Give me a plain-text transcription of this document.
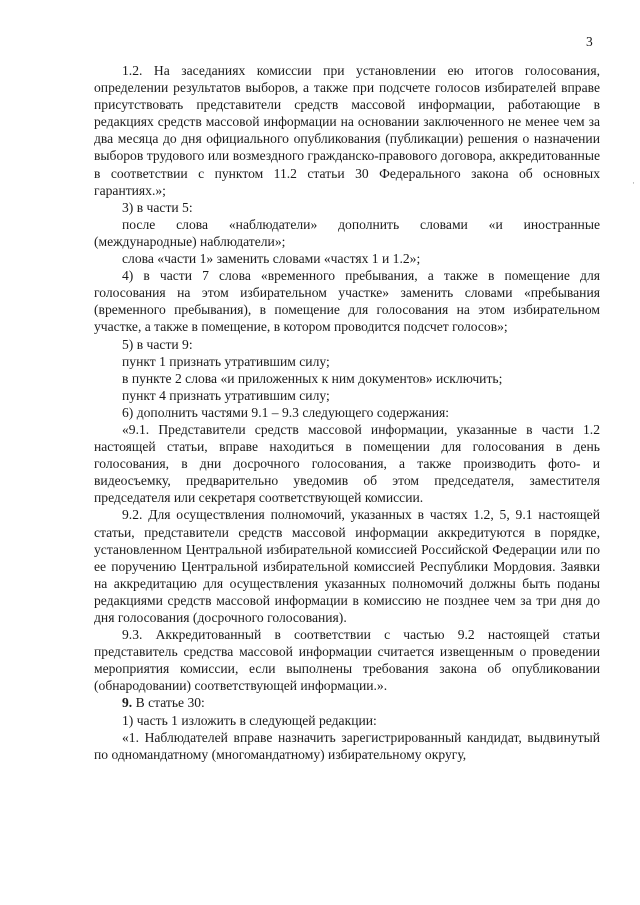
3
·

1.2. На заседаниях комиссии при установлении ею итогов голосования, определении результатов выборов, а также при подсчете голосов избирателей вправе присутствовать представители средств массовой информации, работающие в редакциях средств массовой информации на основании заключенного не менее чем за два месяца до дня официального опубликования (публикации) решения о назначении выборов трудового или возмездного гражданско-правового договора, аккредитованные в соответствии с пунктом 11.2 статьи 30 Федерального закона об основных гарантиях.»;

3) в части 5:

после слова «наблюдатели» дополнить словами «и иностранные (международные) наблюдатели»;

слова «части 1» заменить словами «частях 1 и 1.2»;

4) в части 7 слова «временного пребывания, а также в помещение для голосования на этом избирательном участке» заменить словами «пребывания (временного пребывания), в помещение для голосования на этом избирательном участке, а также в помещение, в котором проводится подсчет голосов»;

5) в части 9:

пункт 1 признать утратившим силу;

в пункте 2 слова «и приложенных к ним документов» исключить;

пункт 4 признать утратившим силу;

6) дополнить частями 9.1 – 9.3 следующего содержания:

«9.1. Представители средств массовой информации, указанные в части 1.2 настоящей статьи, вправе находиться в помещении для голосования в день голосования, в дни досрочного голосования, а также производить фото- и видеосъемку, предварительно уведомив об этом председателя, заместителя председателя или секретаря соответствующей комиссии.

9.2. Для осуществления полномочий, указанных в частях 1.2, 5, 9.1 настоящей статьи, представители средств массовой информации аккредитуются в порядке, установленном Центральной избирательной комиссией Российской Федерации или по ее поручению Центральной избирательной комиссией Республики Мордовия. Заявки на аккредитацию для осуществления указанных полномочий должны быть поданы редакциями средств массовой информации в комиссию не позднее чем за три дня до дня голосования (досрочного голосования).

9.3. Аккредитованный в соответствии с частью 9.2 настоящей статьи представитель средства массовой информации считается извещенным о проведении мероприятия комиссии, если выполнены требования закона об опубликовании (обнародовании) соответствующей информации.».

9. В статье 30:

1) часть 1 изложить в следующей редакции:

«1. Наблюдателей вправе назначить зарегистрированный кандидат, выдвинутый по одномандатному (многомандатному) избирательному округу,
